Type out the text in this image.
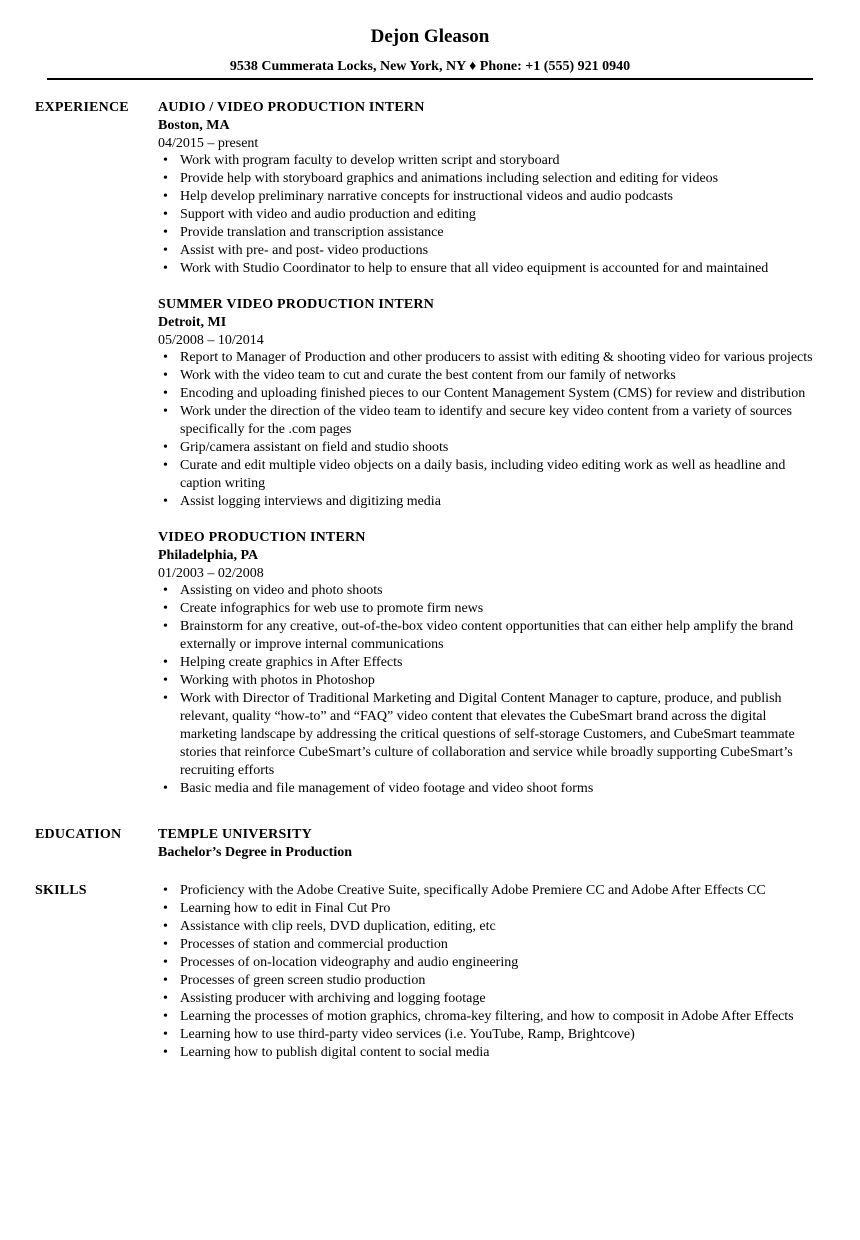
Dejon Gleason
9538 Cummerata Locks, New York, NY ♦ Phone: +1 (555) 921 0940
EXPERIENCE AUDIO / VIDEO PRODUCTION INTERN
Boston, MA
04/2015 – present
• Work with program faculty to develop written script and storyboard
• Provide help with storyboard graphics and animations including selection and editing for videos
• Help develop preliminary narrative concepts for instructional videos and audio podcasts
• Support with video and audio production and editing
• Provide translation and transcription assistance
• Assist with pre- and post- video productions
• Work with Studio Coordinator to help to ensure that all video equipment is accounted for and maintained
SUMMER VIDEO PRODUCTION INTERN
Detroit, MI
05/2008 – 10/2014
• Report to Manager of Production and other producers to assist with editing & shooting video for various projects
• Work with the video team to cut and curate the best content from our family of networks
• Encoding and uploading finished pieces to our Content Management System (CMS) for review and distribution
• Work under the direction of the video team to identify and secure key video content from a variety of sources specifically for the .com pages
• Grip/camera assistant on field and studio shoots
• Curate and edit multiple video objects on a daily basis, including video editing work as well as headline and caption writing
• Assist logging interviews and digitizing media
VIDEO PRODUCTION INTERN
Philadelphia, PA
01/2003 – 02/2008
• Assisting on video and photo shoots
• Create infographics for web use to promote firm news
• Brainstorm for any creative, out-of-the-box video content opportunities that can either help amplify the brand externally or improve internal communications
• Helping create graphics in After Effects
• Working with photos in Photoshop
• Work with Director of Traditional Marketing and Digital Content Manager to capture, produce, and publish relevant, quality “how-to” and “FAQ” video content that elevates the CubeSmart brand across the digital marketing landscape by addressing the critical questions of self-storage Customers, and CubeSmart teammate stories that reinforce CubeSmart’s culture of collaboration and service while broadly supporting CubeSmart’s recruiting efforts
• Basic media and file management of video footage and video shoot forms
EDUCATION	TEMPLE UNIVERSITY
Bachelor’s Degree in Production
SKILLS	• Proficiency with the Adobe Creative Suite, specifically Adobe Premiere CC and Adobe After Effects CC
• Learning how to edit in Final Cut Pro
• Assistance with clip reels, DVD duplication, editing, etc
• Processes of station and commercial production
• Processes of on-location videography and audio engineering
• Processes of green screen studio production
• Assisting producer with archiving and logging footage
• Learning the processes of motion graphics, chroma-key filtering, and how to composit in Adobe After Effects
• Learning how to use third-party video services (i.e. YouTube, Ramp, Brightcove)
• Learning how to publish digital content to social media
